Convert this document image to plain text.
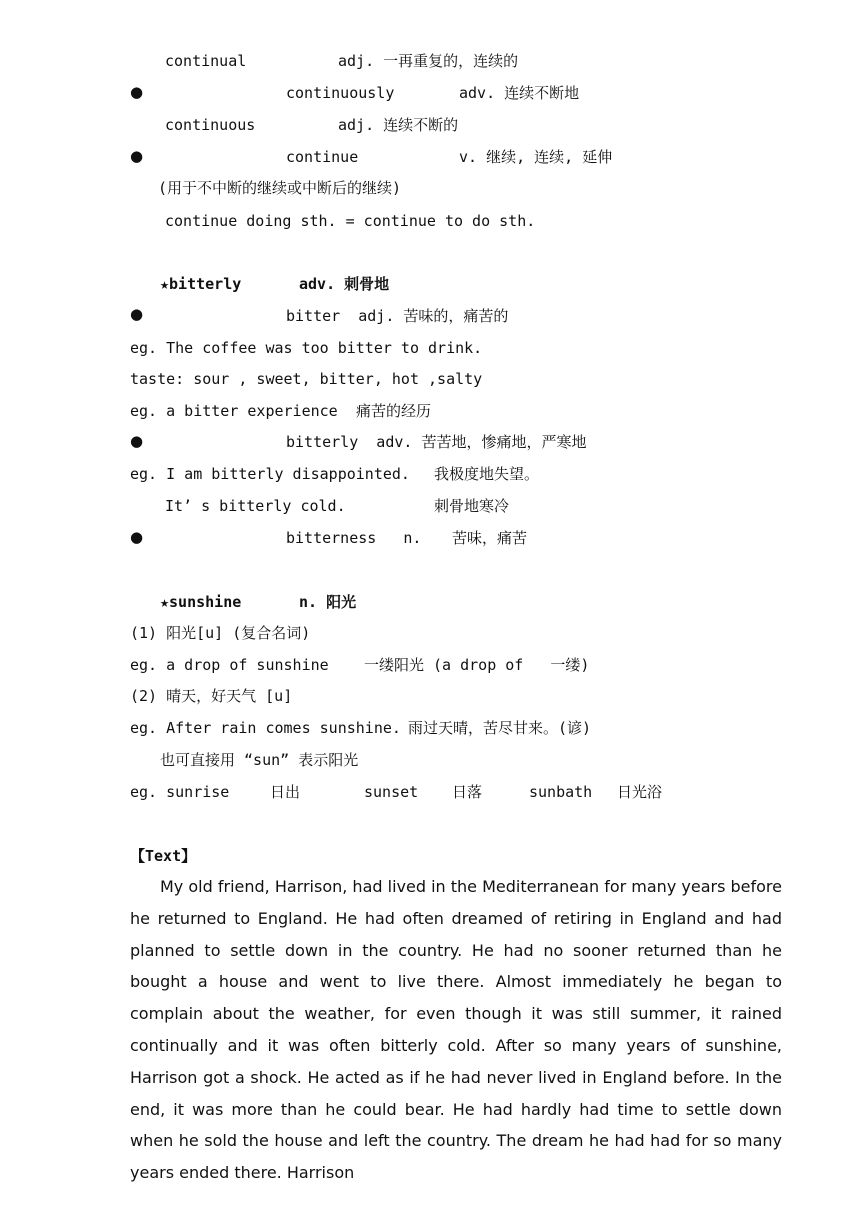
continual	adj. 一再重复的，连续的
●	continuously	adv. 连续不断地
continuous	adj. 连续不断的
●	continue	v. 继续, 连续, 延伸
(用于不中断的继续或中断后的继续)
continue doing sth. = continue to do sth.
★bitterly	adv. 刺骨地
●	bitter  adj. 苦味的，痛苦的
eg. The coffee was too bitter to drink.
taste: sour , sweet, bitter, hot ,salty
eg. a bitter experience 痛苦的经历
●	bitterly  adv. 苦苦地，惨痛地，严寒地
eg. I am bitterly disappointed. 我极度地失望。
It’ s bitterly cold.	刺骨地寒冷
●	bitterness   n. 苦味，痛苦
★sunshine	n. 阳光
(1) 阳光[u] (复合名词)
eg. a drop of sunshine 一缕阳光 (a drop of   一缕)
(2) 晴天，好天气 [u]
eg. After rain comes sunshine. 雨过天晴，苦尽甘来。(谚)
也可直接用 “sun” 表示阳光
eg. sunrise	日出	sunset 日落	sunbath 日光浴
【Text】
My old friend, Harrison, had lived in the Mediterranean for many years before he returned to England. He had often dreamed of retiring in England and had planned to settle down in the country. He had no sooner returned than he bought a house and went to live there. Almost immediately he began to complain about the weather, for even though it was still summer, it rained continually and it was often bitterly cold. After so many years of sunshine, Harrison got a shock. He acted as if he had never lived in England before. In the end, it was more than he could bear. He had hardly had time to settle down when he sold the house and left the country. The dream he had had for so many years ended there. Harrison
